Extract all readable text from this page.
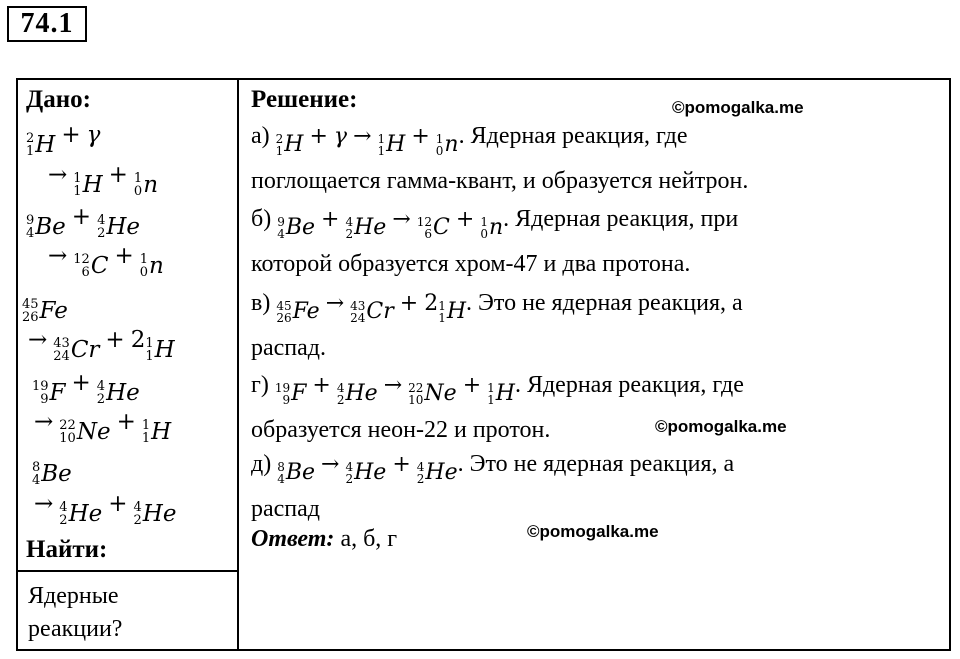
74.1
Дано:
2
1 H + γ
→ 1
1 H + 1
0 n
9
4 Be + 4
2 He
→ 12
6 C + 1
0 n
45
26 Fe
→ 43
24 Cr + 2 1
1 H
19
9 F + 4
2 He
→ 22
10 Ne + 1
1 H
8
4 Be
→ 4
2 He + 4
2 He
Найти:
Ядерные
реакции?
Решение:
а) 2
1 H + γ → 1
1 H + 1
0 n . Ядерная реакция, где
поглощается гамма-квант, и образуется нейтрон.
б) 9
4 Be + 4
2 He → 12
6 C + 1
0 n . Ядерная реакция, при
которой образуется хром-47 и два протона.
в) 45
26 Fe → 43
24 Cr + 2 1
1 H . Это не ядерная реакция, а
распад.
г) 19
9 F + 4
2 He → 22
10 Ne + 1
1 H . Ядерная реакция, где
образуется неон-22 и протон.
д) 8
4 Be → 4
2 He + 4
2 He . Это не ядерная реакция, а
распад
Ответ: а, б, г
©pomogalka.me
©pomogalka.me
©pomogalka.me
